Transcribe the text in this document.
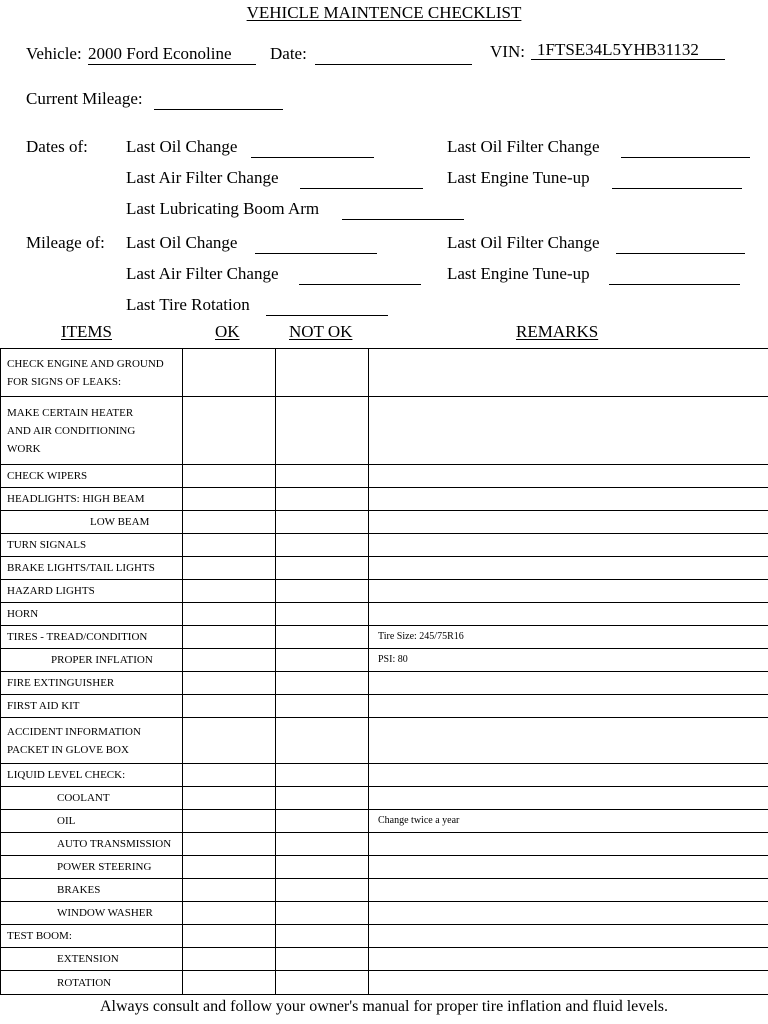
VEHICLE MAINTENCE CHECKLIST
Vehicle: 2000 Ford Econoline	Date:	VIN: 1FTSE34L5YHB31132
Current Mileage:
Dates of: Last Oil Change	Last Oil Filter Change
Last Air Filter Change	Last Engine Tune-up
Last Lubricating Boom Arm
Mileage of: Last Oil Change	Last Oil Filter Change
Last Air Filter Change	Last Engine Tune-up
Last Tire Rotation
ITEMS	OK	NOT OK	REMARKS
CHECK ENGINE AND GROUND
FOR SIGNS OF LEAKS:			
MAKE CERTAIN HEATER
AND AIR CONDITIONING
WORK			
CHECK WIPERS			
HEADLIGHTS: HIGH BEAM			
LOW BEAM			
TURN SIGNALS			
BRAKE LIGHTS/TAIL LIGHTS			
HAZARD LIGHTS			
HORN			
TIRES - TREAD/CONDITION			Tire Size: 245/75R16
PROPER INFLATION			PSI: 80
FIRE EXTINGUISHER			
FIRST AID KIT			
ACCIDENT INFORMATION
PACKET IN GLOVE BOX			
LIQUID LEVEL CHECK:			
COOLANT			
OIL			Change twice a year
AUTO TRANSMISSION			
POWER STEERING			
BRAKES			
WINDOW WASHER			
TEST BOOM:			
EXTENSION			
ROTATION			
Always consult and follow your owner's manual for proper tire inflation and fluid levels.
